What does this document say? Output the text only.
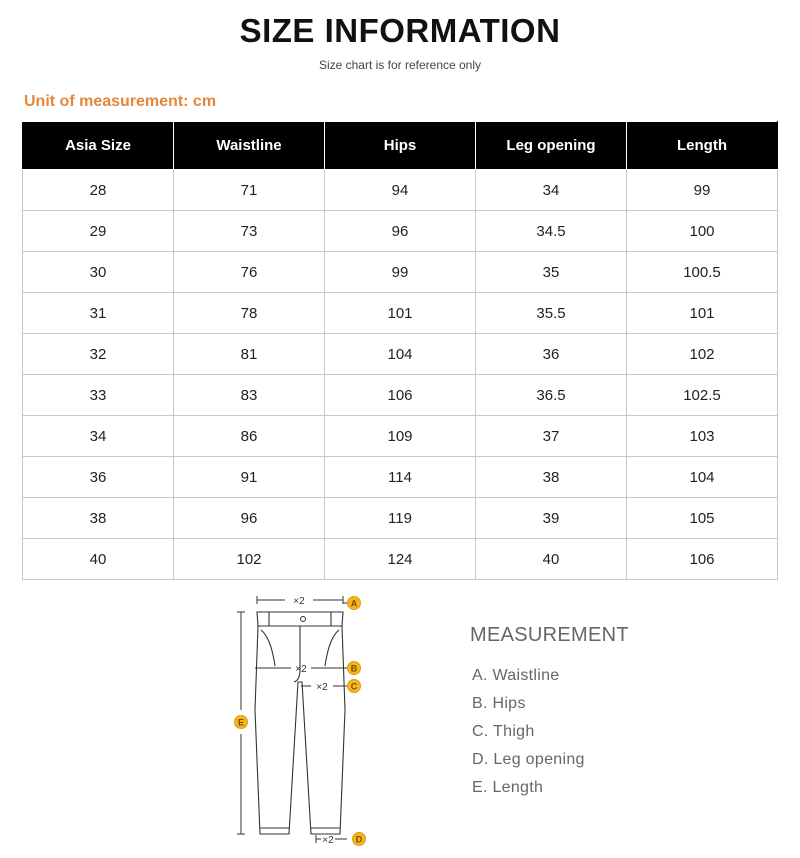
SIZE INFORMATION
Size chart is for reference only
Unit of measurement: cm
Asia Size	Waistline	Hips	Leg opening	Length
28	71	94	34	99
29	73	96	34.5	100
30	76	99	35	100.5
31	78	101	35.5	101
32	81	104	36	102
33	83	106	36.5	102.5
34	86	109	37	103
36	91	114	38	104
38	96	119	39	105
40	102	124	40	106
×2
×2
×2
×2
A
B
C
D
E
MEASUREMENT
A. Waistline
B. Hips
C. Thigh
D. Leg opening
E. Length
